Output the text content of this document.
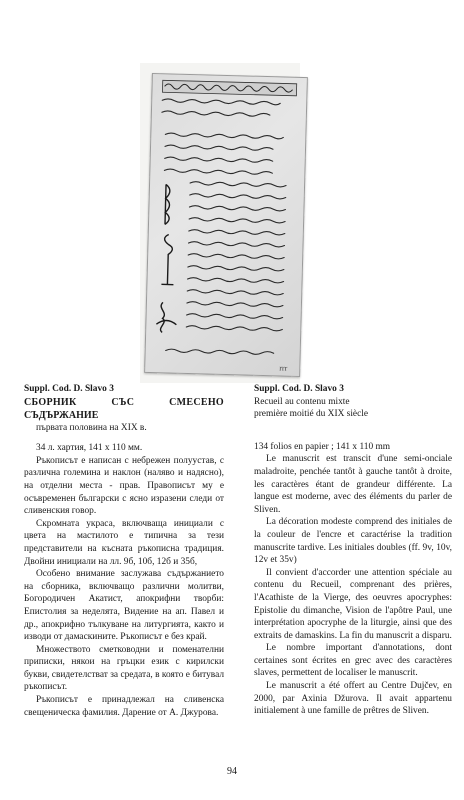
rrr

Suppl. Cod. D. Slavo 3

СБОРНИК СЪС СМЕСЕНО

СЪДЪРЖАНИЕ

първата половина на XIX в.

34 л. хартия, 141 х 110 мм.

Ръкописът е написан с небрежен полуустав, с различна големина и наклон (наляво и надясно), на отделни места - прав. Правописът му е осъвременен български с ясно изразени следи от сливенския говор.

Скромната украса, включваща инициали с цвета на мастилото е типична за тези представители на късната ръкописна традиция. Двойни инициали на лл. 9б, 10б, 12б и 35б,

Особено внимание заслужава съдържанието на сборника, включващо различни молитви, Богородичен Акатист, апокрифни творби: Епистолия за неделята, Видение на ап. Павел и др., апокрифно тълкуване на литургията, както и изводи от дамаскините. Ръкописът е без край.

Множеството сметководни и поменателни приписки, някои на гръцки език с кирилски букви, свидетелстват за средата, в която е битувал ръкописът.

Ръкописът е принадлежал на сливенска свещеническа фамилия. Дарение от А. Джурова.

Suppl. Cod. D. Slavo 3

Recueil au contenu mixte

première moitié du XIX siècle

134 folios en papier ; 141 x 110 mm

Le manuscrit est transcit d'une semi-onciale maladroite, penchée tantôt à gauche tantôt à droite, les caractères étant de grandeur différente. La langue est moderne, avec des éléments du parler de Sliven.

La décoration modeste comprend des initiales de la couleur de l'encre et caractérise la tradition manuscrite tardive. Les initiales doubles (ff. 9v, 10v, 12v et 35v)

Il convient d'accorder une attention spéciale au contenu du Recueil, comprenant des prières, l'Acathiste de la Vierge, des oeuvres apocryphes: Epistolie du dimanche, Vision de l'apôtre Paul, une interprétation apocryphe de la liturgie, ainsi que des extraits de damaskins. La fin du manuscrit a disparu.

Le nombre important d'annotations, dont certaines sont écrites en grec avec des caractères slaves, permettent de localiser le manuscrit.

Le manuscrit a été offert au Centre Dujčev, en 2000, par Axinia Džurova. Il avait appartenu initialement à une famille de prêtres de Sliven.

94
